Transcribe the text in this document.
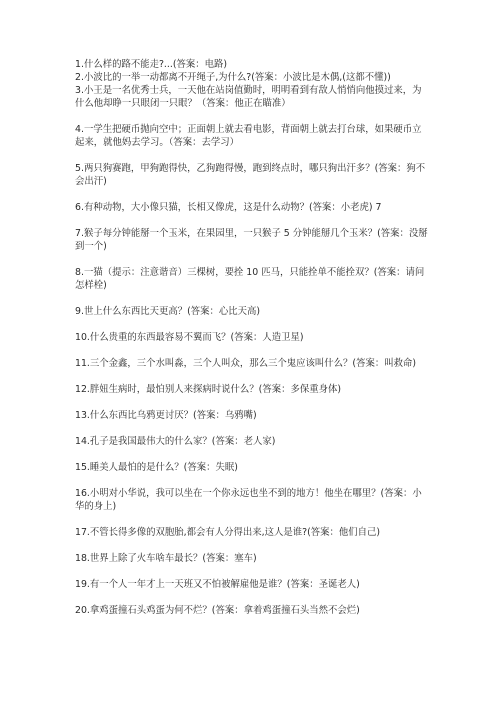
1.什么样的路不能走?...(答案：电路)

2.小波比的一举一动都离不开绳子,为什么?(答案：小波比是木偶,(这都不懂))

3.小王是一名优秀士兵，一天他在站岗值勤时，明明看到有敌人悄悄向他摸过来，为什么他却睁一只眼闭一只眼？（答案：他正在瞄准）

4.一学生把硬币抛向空中；正面朝上就去看电影，背面朝上就去打台球，如果硬币立起来，就他妈去学习。（答案：去学习）

5.两只狗赛跑，甲狗跑得快，乙狗跑得慢，跑到终点时，哪只狗出汗多？(答案：狗不会出汗)

6.有种动物，大小像只猫，长相又像虎，这是什么动物？(答案：小老虎) 7

7.猴子每分钟能掰一个玉米，在果园里，一只猴子 5 分钟能掰几个玉米？(答案：没掰到一个)

8.一猫（提示：注意谐音）三棵树，要拴 10 匹马，只能拴单不能拴双？(答案：请问怎样栓)

9.世上什么东西比天更高？(答案：心比天高)

10.什么贵重的东西最容易不翼而飞？(答案：人造卫星)

11.三个金鑫，三个水叫淼，三个人叫众，那么三个鬼应该叫什么？(答案：叫救命)

12.胖妞生病时，最怕别人来探病时说什么？(答案：多保重身体)

13.什么东西比乌鸦更讨厌？(答案：乌鸦嘴)

14.孔子是我国最伟大的什么家？(答案：老人家)

15.睡美人最怕的是什么？(答案：失眠)

16.小明对小华说，我可以坐在一个你永远也坐不到的地方！他坐在哪里？(答案：小华的身上)

17.不管长得多像的双胞胎,都会有人分得出来,这人是谁?(答案：他们自己)

18.世界上除了火车啥车最长？(答案：塞车)

19.有一个人一年才上一天班又不怕被解雇他是谁？(答案：圣诞老人)

20.拿鸡蛋撞石头鸡蛋为何不烂？(答案：拿着鸡蛋撞石头当然不会烂)
